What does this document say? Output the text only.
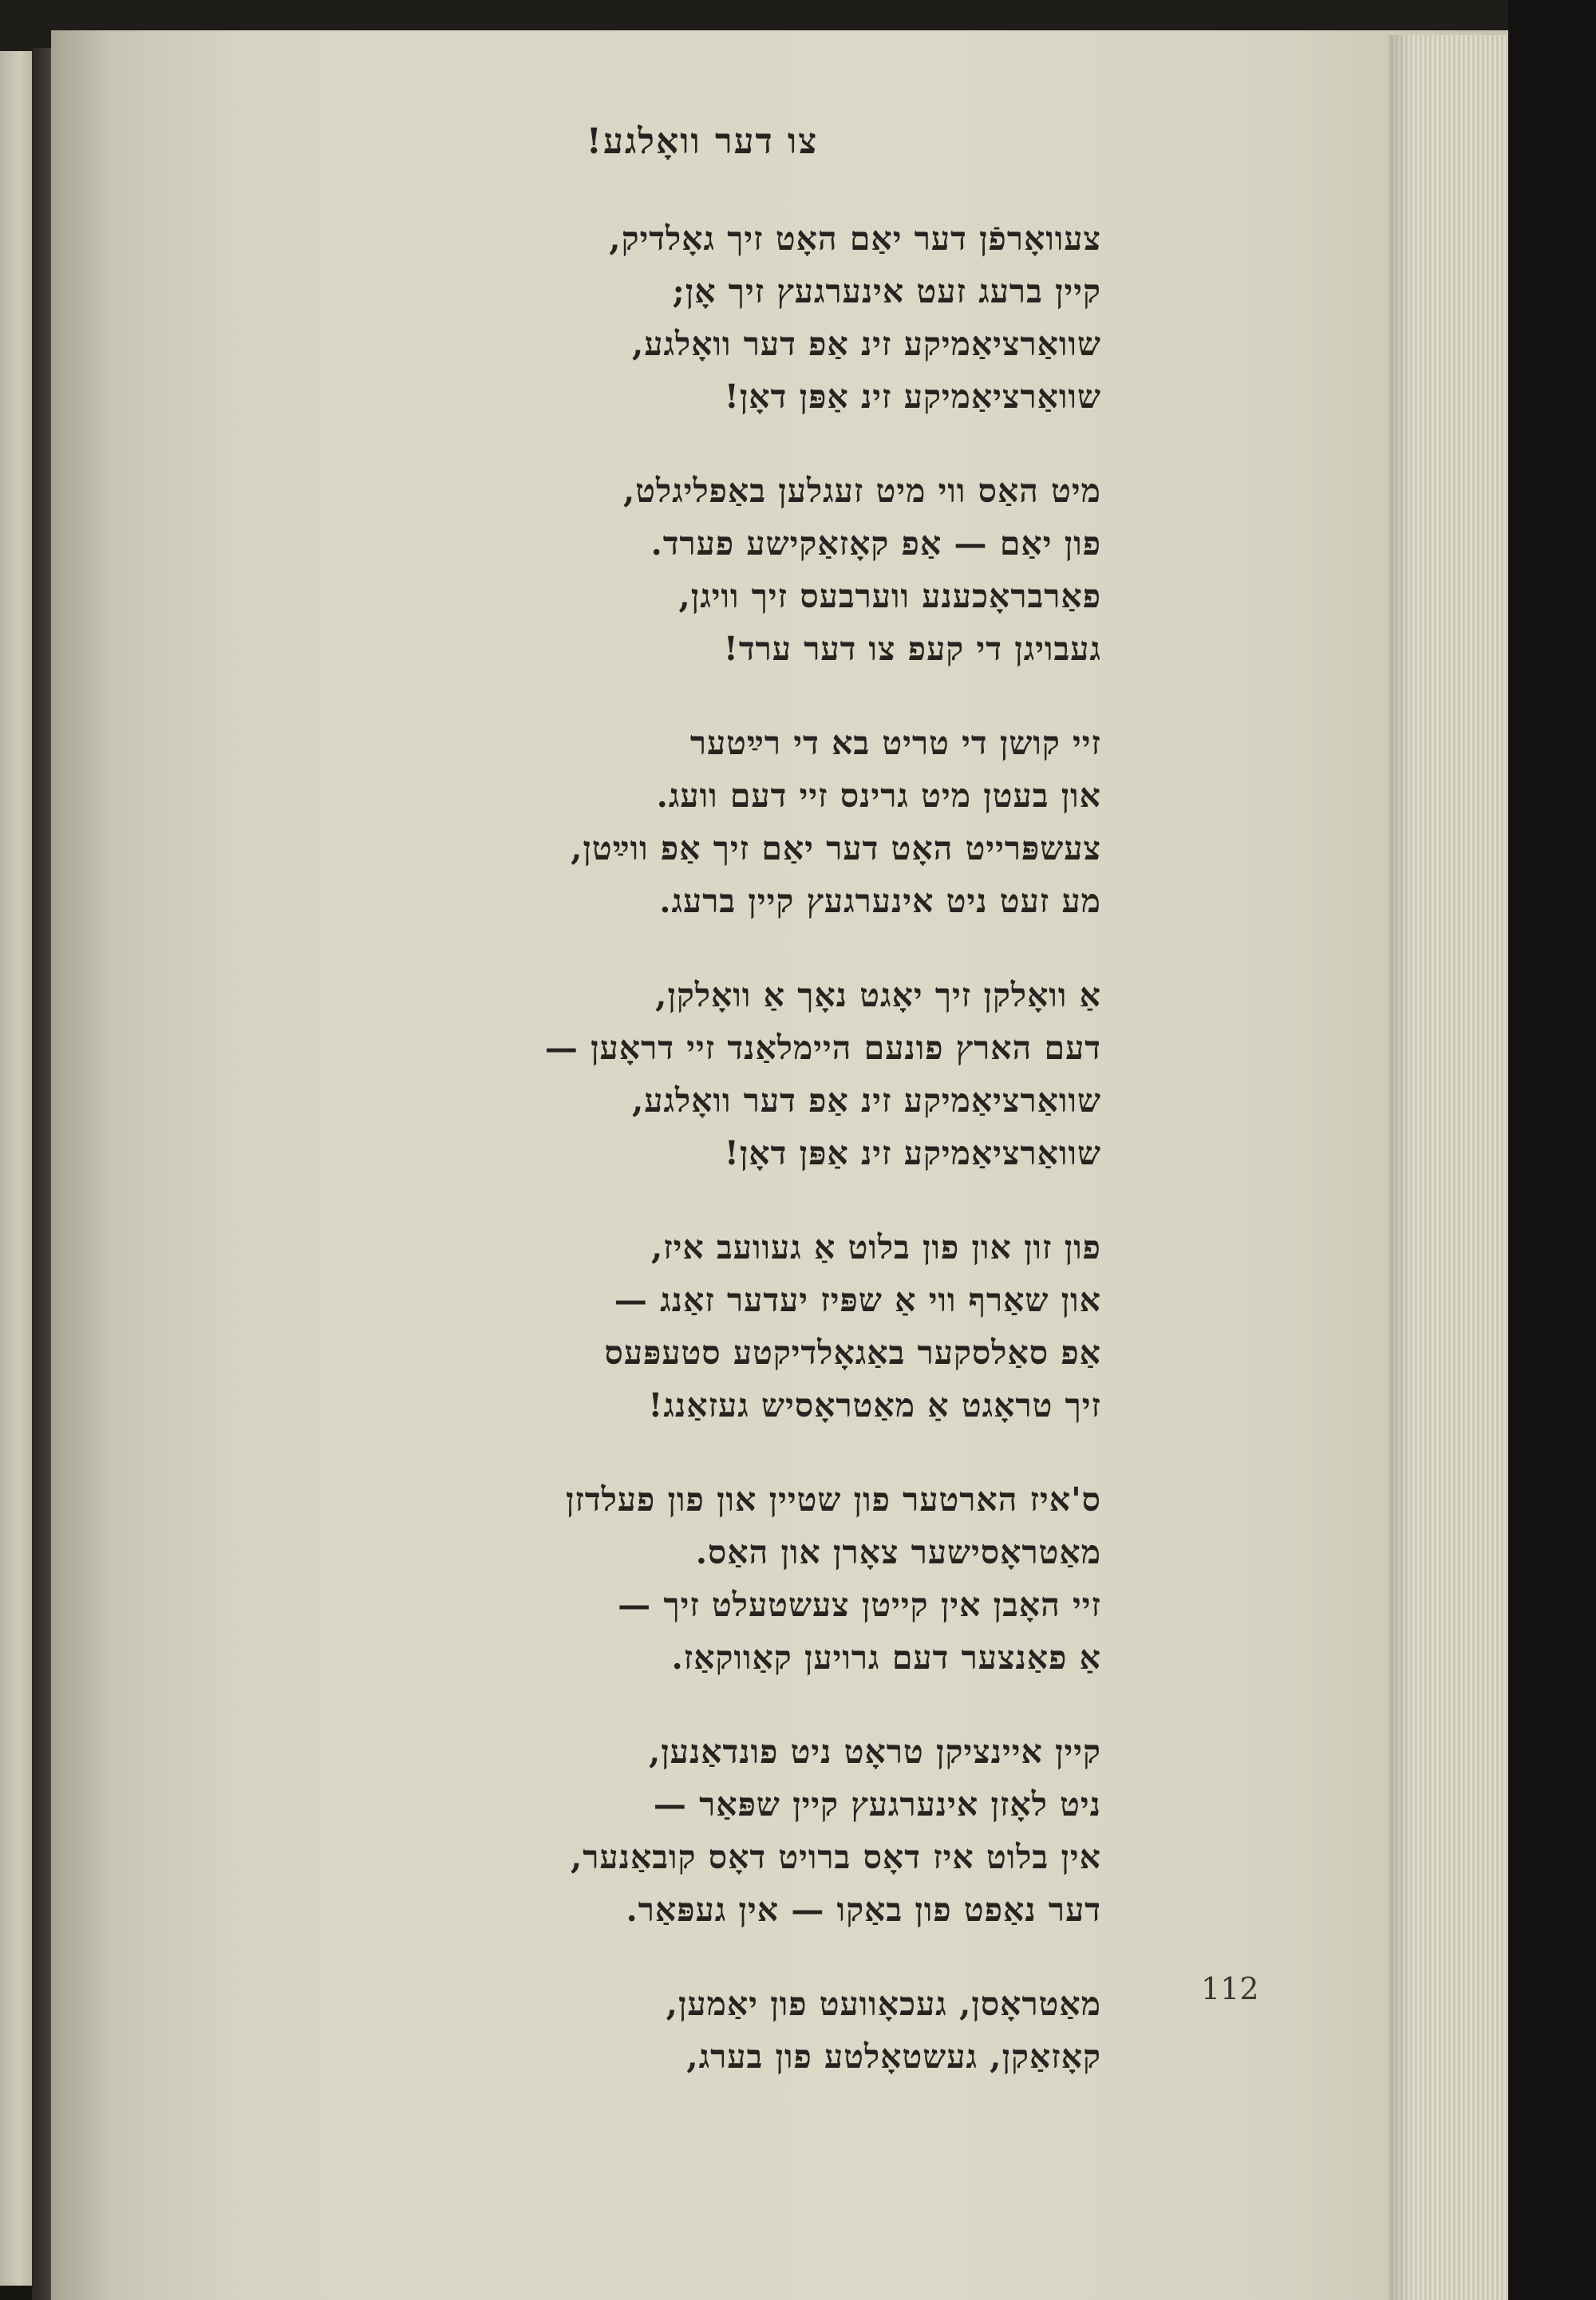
צו דער וואָלגע!
צעוואָרפֿן דער יאַם האָט זיך גאָלדיק,
קיין ברעג זעט אינערגעץ זיך אָן;
שוואַרציאַמיקע זינ אַפ דער וואָלגע,
שוואַרציאַמיקע זינ אַפּן דאָן!
מיט האַס ווי מיט זעגלען באַפליגלט,
פון יאַם — אַפ קאָזאַקישע פערד.
פאַרבראָכענע ווערבעס זיך וויגן,
געבויגן די קעפ צו דער ערד!
זיי קושן די טריט בא די רײַטער
און בעטן מיט גרינס זיי דעם וועג.
צעשפּרייט האָט דער יאַם זיך אַפ ווײַטן,
מע זעט ניט אינערגעץ קיין ברעג.
אַ וואָלקן זיך יאָגט נאָך אַ וואָלקן,
דעם הארץ פונעם היימלאַנד זיי דראָען —
שוואַרציאַמיקע זינ אַפ דער וואָלגע,
שוואַרציאַמיקע זינ אַפּן דאָן!
פון זון און פון בלוט אַ געוועב איז,
און שאַרף ווי אַ שפּיז יעדער זאַנג —
אַפ סאַלסקער באַגאָלדיקטע סטעפּעס
זיך טראָגט אַ מאַטראָסיש געזאַנג!
ס'איז הארטער פון שטיין און פון פעלדזן
מאַטראָסישער צאָרן און האַס.
זיי האָבן אין קייטן צעשטעלט זיך —
אַ פאַנצער דעם גרויען קאַווקאַז.
קיין איינציקן טראָט ניט פונדאַנען,
ניט לאָזן אינערגעץ קיין שפּאַר —
אין בלוט איז דאָס ברויט דאָס קובאַנער,
דער נאַפט פון באַקו — אין געפּאַר.
מאַטראָסן, געכאָוועט פון יאַמען,
קאָזאַקן, געשטאָלטע פון בערג,
112
